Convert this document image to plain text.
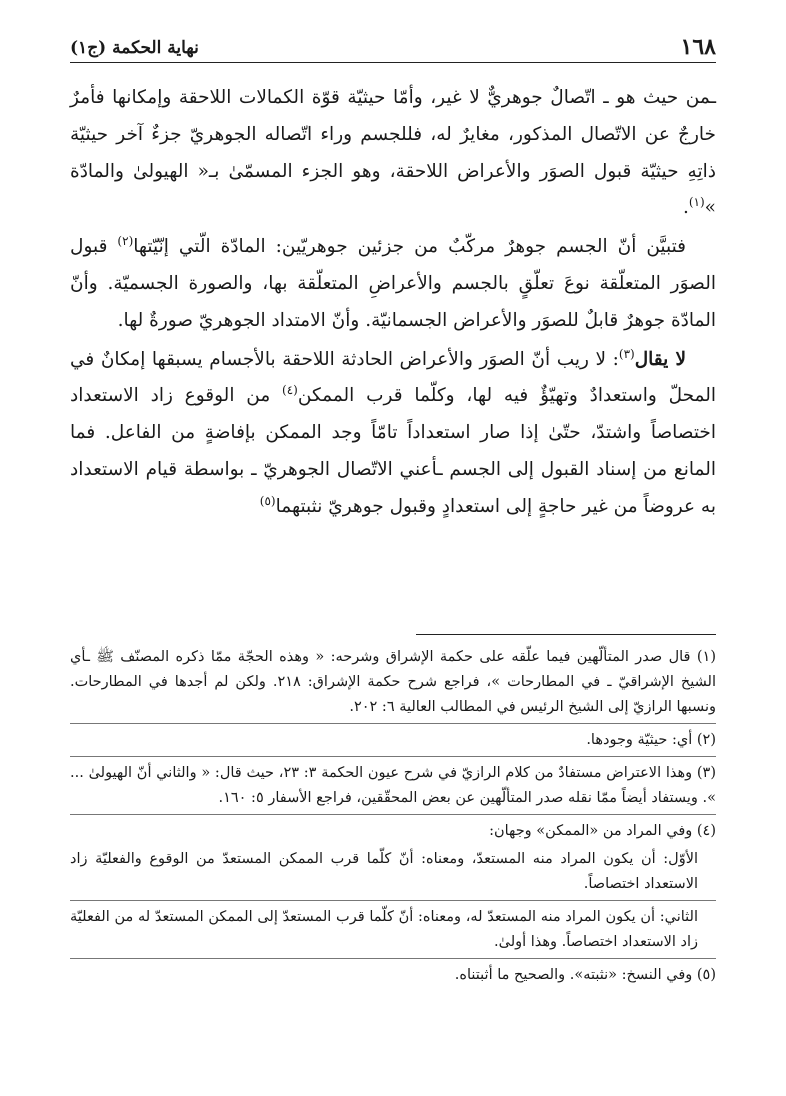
١٦٨
نهاية الحكمة (ج١)

ـمن حيث هو ـ اتّصالٌ جوهريٌّ لا غير، وأمّا حيثيّة قوّة الكمالات اللاحقة وإمكانها فأمرٌ خارجٌ عن الاتّصال المذكور، مغايرٌ له، فللجسم وراء اتّصاله الجوهريّ جزءٌ آخر حيثيّة ذاتِهِ حيثيّة قبول الصوَر والأعراض اللاحقة، وهو الجزء المسمّىٰ بـ« الهيولىٰ والمادّة »$^{(١)}$.

فتبيَّن أنّ الجسم جوهرٌ مركّبٌ من جزئين جوهريّين: المادّة الّتي إنّيّتها$^{(٢)}$ قبول الصوَر المتعلّقة نوعَ تعلّقٍ بالجسم والأعراضِ المتعلّقة بها، والصورة الجسميّة. وأنّ المادّة جوهرٌ قابلٌ للصوَر والأعراض الجسمانيّة. وأنّ الامتداد الجوهريّ صورةٌ لها.

لا يقال$^{(٣)}$: لا ريب أنّ الصوَر والأعراض الحادثة اللاحقة بالأجسام يسبقها إمكانٌ في المحلّ واستعدادٌ وتهيّؤٌ فيه لها، وكلّما قرب الممكن$^{(٤)}$ من الوقوع زاد الاستعداد اختصاصاً واشتدّ، حتّىٰ إذا صار استعداداً تامّاً وجد الممكن بإفاضةٍ من الفاعل. فما المانع من إسناد القبول إلى الجسم ـأعني الاتّصال الجوهريّ ـ بواسطة قيام الاستعداد به عروضاً من غير حاجةٍ إلى استعدادٍ وقبول جوهريّ نثبتهما$^{(٥)}$

(١) قال صدر المتألّهين فيما علّقه على حكمة الإشراق وشرحه: « وهذه الحجّة ممّا ذكره المصنّف ﷺ ـأي الشيخ الإشراقيّ ـ في المطارحات »، فراجع شرح حكمة الإشراق: ٢١٨. ولكن لم أجدها في المطارحات. ونسبها الرازيّ إلى الشيخ الرئيس في المطالب العالية ٦: ٢٠٢.
(٢) أي: حيثيّة وجودها.
(٣) وهذا الاعتراض مستفادٌ من كلام الرازيّ في شرح عيون الحكمة ٣: ٢٣، حيث قال: « والثاني أنّ الهيولىٰ ... ». ويستفاد أيضاً ممّا نقله صدر المتألّهين عن بعض المحقّقين، فراجع الأسفار ٥: ١٦٠.
(٤) وفي المراد من «الممكن» وجهان:
الأوّل: أن يكون المراد منه المستعدّ، ومعناه: أنّ كلّما قرب الممكن المستعدّ من الوقوع والفعليّة زاد الاستعداد اختصاصاً.
الثاني: أن يكون المراد منه المستعدّ له، ومعناه: أنّ كلّما قرب المستعدّ إلى الممكن المستعدّ له من الفعليّة زاد الاستعداد اختصاصاً. وهذا أولىٰ.
(٥) وفي النسخ: «نثبته». والصحيح ما أثبتناه.
